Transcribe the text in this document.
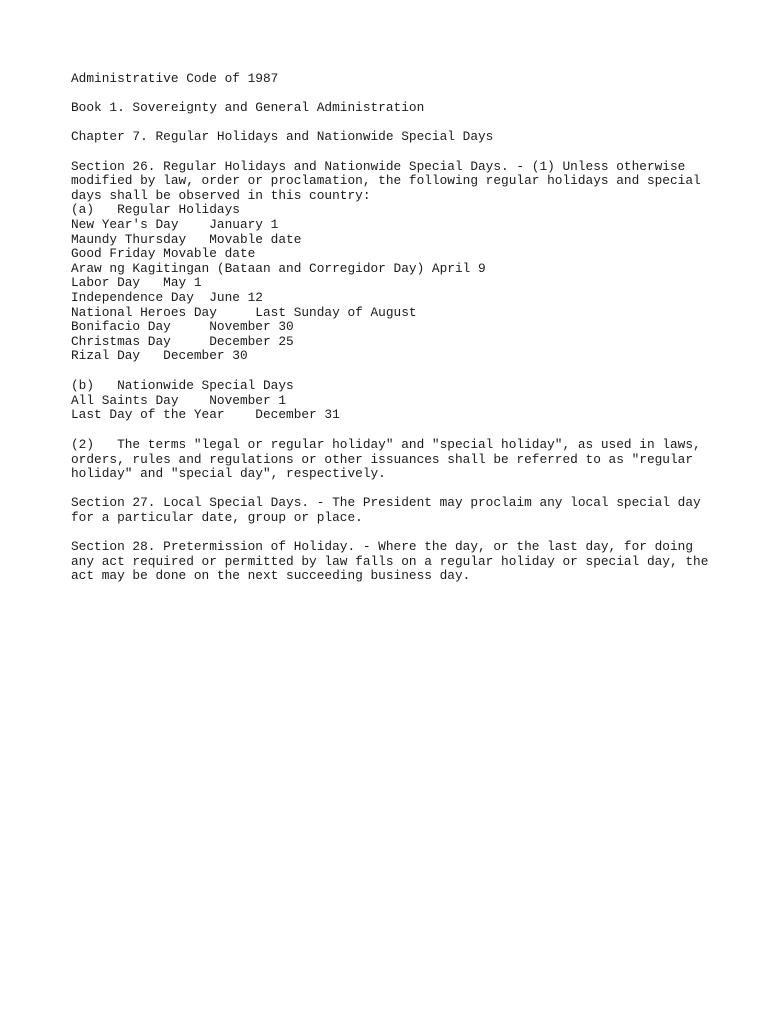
Administrative Code of 1987
Book 1. Sovereignty and General Administration
Chapter 7. Regular Holidays and Nationwide Special Days
Section 26. Regular Holidays and Nationwide Special Days. - (1) Unless otherwise
modified by law, order or proclamation, the following regular holidays and special
days shall be observed in this country:
(a)   Regular Holidays
New Year's Day    January 1
Maundy Thursday   Movable date
Good Friday Movable date
Araw ng Kagitingan (Bataan and Corregidor Day) April 9
Labor Day   May 1
Independence Day  June 12
National Heroes Day     Last Sunday of August
Bonifacio Day     November 30
Christmas Day     December 25
Rizal Day   December 30
(b)   Nationwide Special Days
All Saints Day    November 1
Last Day of the Year    December 31
(2)   The terms "legal or regular holiday" and "special holiday", as used in laws,
orders, rules and regulations or other issuances shall be referred to as "regular
holiday" and "special day", respectively.
Section 27. Local Special Days. - The President may proclaim any local special day
for a particular date, group or place.
Section 28. Pretermission of Holiday. - Where the day, or the last day, for doing
any act required or permitted by law falls on a regular holiday or special day, the
act may be done on the next succeeding business day.
